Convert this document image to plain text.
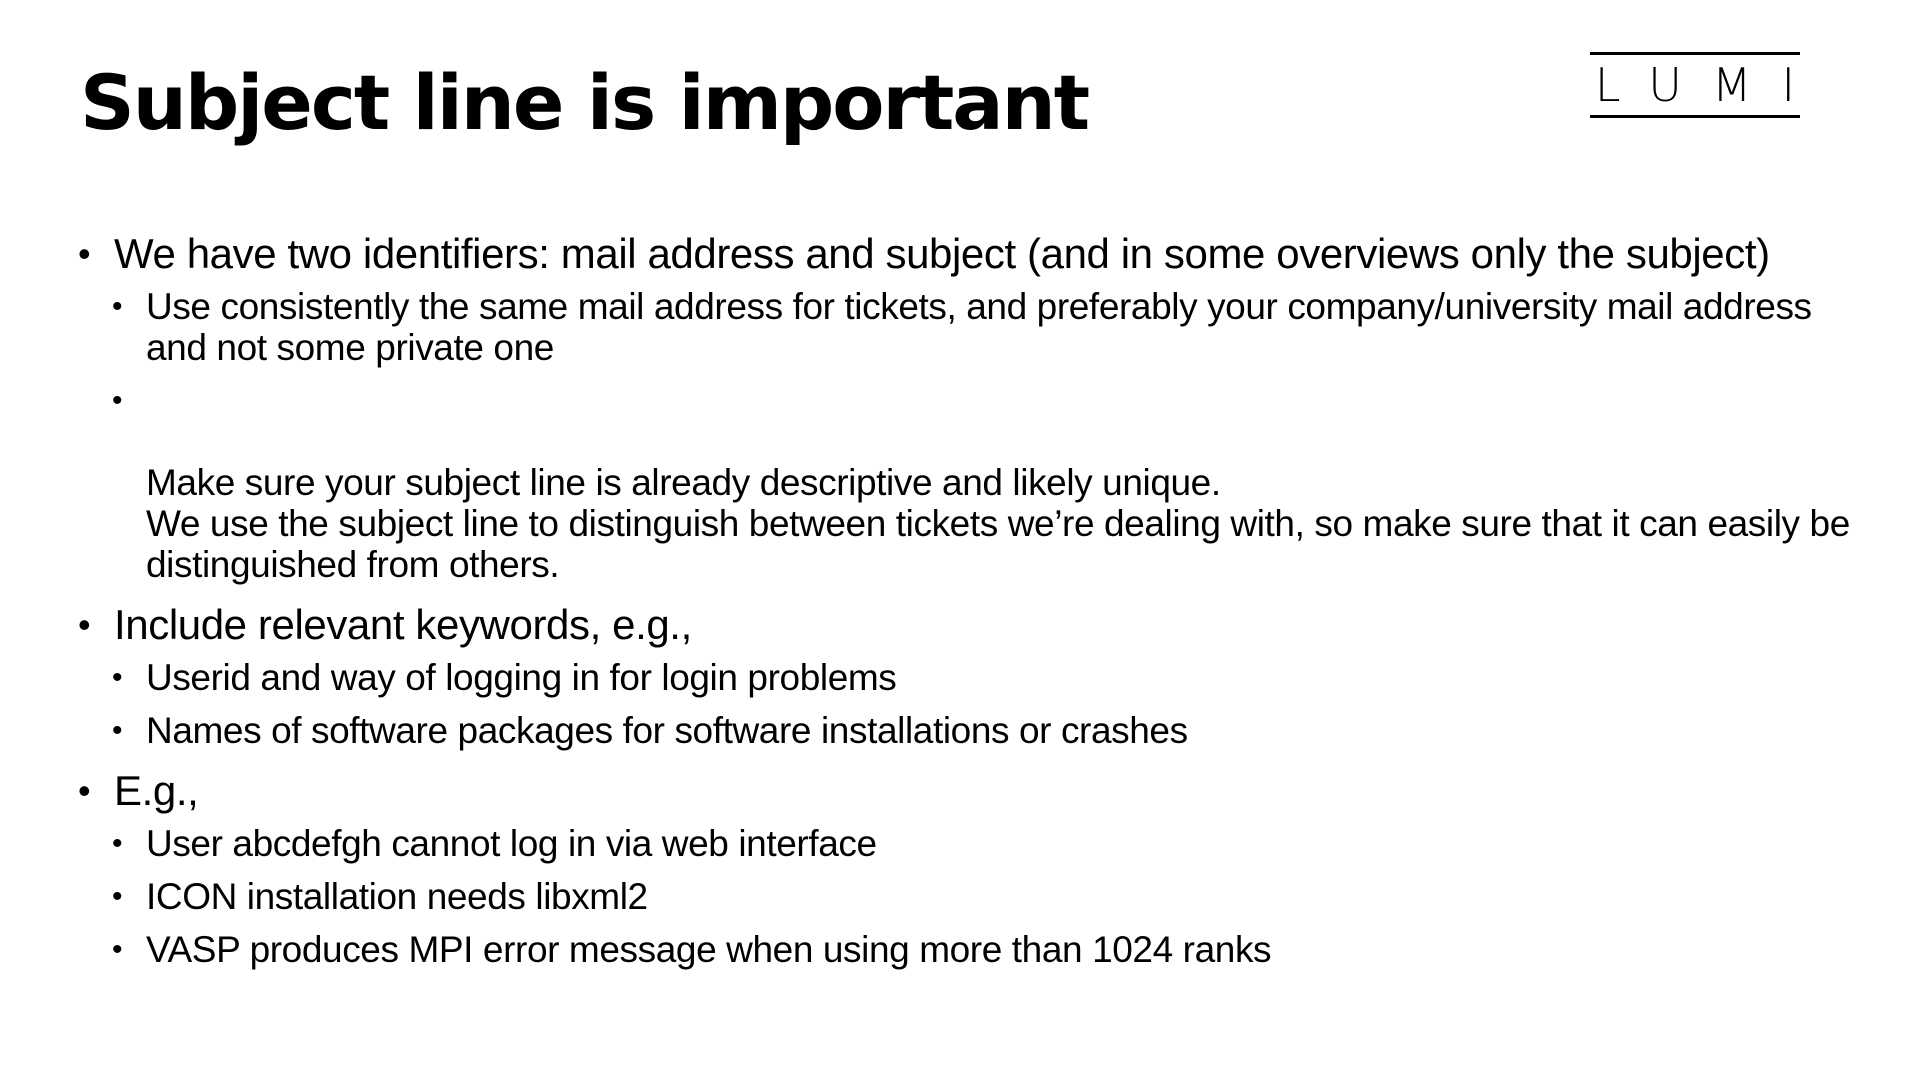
Subject line is important	LUMI
• We have two identifiers: mail address and subject (and in some overviews only the subject)
• Use consistently the same mail address for tickets, and preferably your company/university mail address and not some private one

•

Make sure your subject line is already descriptive and likely unique.
We use the subject line to distinguish between tickets we’re dealing with, so make sure that it can easily be distinguished from others.

• Include relevant keywords, e.g.,
• Userid and way of logging in for login problems
• Names of software packages for software installations or crashes
• E.g.,
• User abcdefgh cannot log in via web interface
• ICON installation needs libxml2
• VASP produces MPI error message when using more than 1024 ranks
